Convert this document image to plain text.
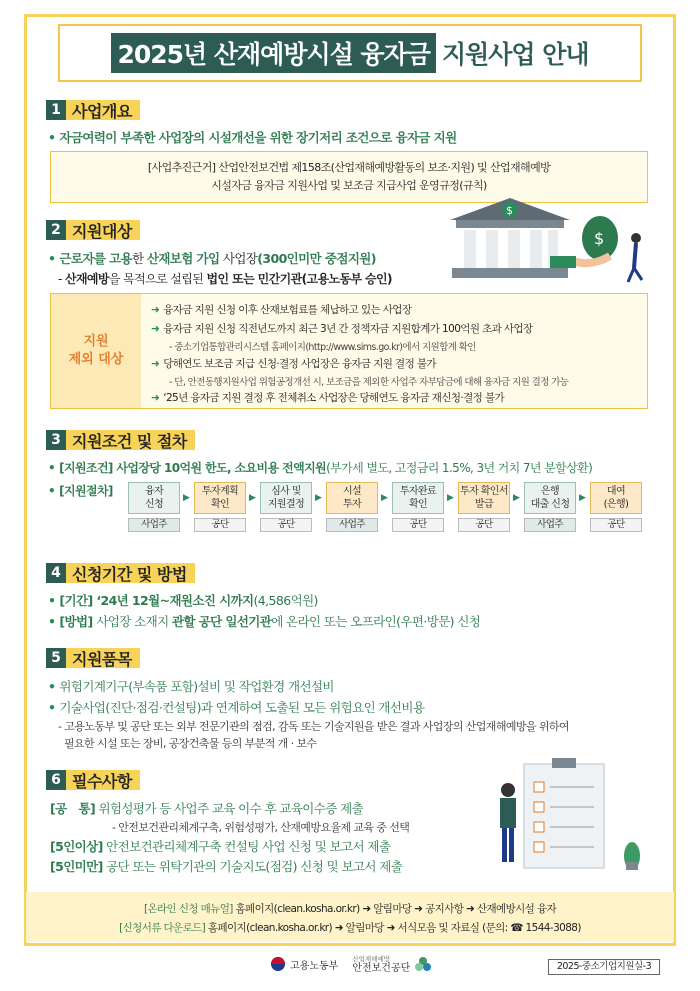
2025년 산재예방시설 융자금 지원사업 안내
1 사업개요
• 자금여력이 부족한 사업장의 시설개선을 위한 장기저리 조건으로 융자금 지원
[사업추진근거] 산업안전보건법 제158조(산업재해예방활동의 보조·지원) 및 산업재해예방
시설자금 융자금 지원사업 및 보조금 지급사업 운영규정(규칙)
2 지원대상
• 근로자를 고용한 산재보험 가입 사업장(300인미만 중점지원)
- 산재예방을 목적으로 설립된 법인 또는 민간기관(고용노동부 승인)
$
$
지원
제외 대상
➜ 융자금 지원 신청 이후 산재보험료를 체납하고 있는 사업장
➜ 융자금 지원 신청 직전년도까지 최근 3년 간 정책자금 지원합계가 100억원 초과 사업장
- 중소기업통합관리시스템 홈페이지(http://www.sims.go.kr)에서 지원합계 확인
➜ 당해연도 보조금 지급 신청·결정 사업장은 융자금 지원 결정 불가
- 단, 안전동행지원사업 위험공정개선 시, 보조금을 제외한 사업주 자부담금에 대해 융자금 지원 결정 가능
➜ ‘25년 융자금 지원 결정 후 전체취소 사업장은 당해연도 융자금 재신청·결정 불가
3 지원조건 및 절차
• [지원조건] 사업장당 10억원 한도, 소요비용 전액지원(부가세 별도, 고정금리 1.5%, 3년 거치 7년 분할상환)
• [지원절차]	융자
신청
사업주
▶
투자계획
확인
공단
▶
심사 및
지원결정
공단
▶
시설
투자
사업주
▶
투자완료
확인
공단
▶
투자 확인서
발급
공단
▶
은행
대출 신청
사업주
▶
대여
(은행)
공단
4 신청기간 및 방법
• [기간] ‘24년 12월~재원소진 시까지(4,586억원)
• [방법] 사업장 소재지 관할 공단 일선기관에 온라인 또는 오프라인(우편·방문) 신청
5 지원품목
• 위험기계기구(부속품 포함)설비 및 작업환경 개선설비
• 기술사업(진단·점검·컨설팅)과 연계하여 도출된 모든 위험요인 개선비용
- 고용노동부 및 공단 또는 외부 전문기관의 점검, 감독 또는 기술지원을 받은 결과 사업장의 산업재해예방을 위하여
필요한 시설 또는 장비, 공장건축물 등의 부분적 개 · 보수
6 필수사항
[공　통] 위험성평가 등 사업주 교육 이수 후 교육이수증 제출
- 안전보건관리체계구축, 위험성평가, 산재예방요율제 교육 중 선택
[5인이상] 안전보건관리체계구축 컨설팅 사업 신청 및 보고서 제출
[5인미만] 공단 또는 위탁기관의 기술지도(점검) 신청 및 보고서 제출
[온라인 신청 매뉴얼] 홈페이지(clean.kosha.or.kr) ➜ 알림마당 ➜ 공지사항 ➜ 산재예방시설 융자
[신청서류 다운로드] 홈페이지(clean.kosha.or.kr) ➜ 알림마당 ➜ 서식모음 및 자료실 (문의: ☎ 1544-3088)
고용노동부
산업재해예방
안전보건공단	2025-중소기업지원실-3
